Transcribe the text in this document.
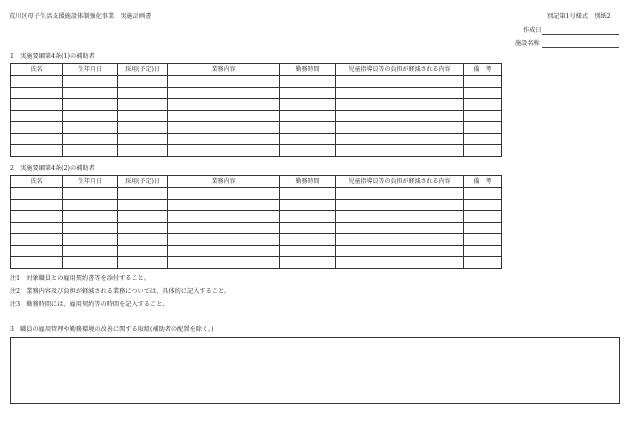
荒川区母子生活支援施設体制強化事業　実施計画書	別記第1号様式　別紙2
作成日
施設名称
1　実施要綱第4条(1)の補助者
氏名	生年月日	採用(予定)日	業務内容	勤務時間	児童指導員等の負担が軽減される内容	備　考

2　実施要綱第4条(2)の補助者
氏名	生年月日	採用(予定)日	業務内容	勤務時間	児童指導員等の負担が軽減される内容	備　考

注1　対象職員との雇用契約書等を添付すること。
注2　業務内容及び負担が軽減される業務については、具体的に記入すること。
注3　勤務時間には、雇用契約等の時間を記入すること。
3　職員の雇用管理や勤務環境の改善に関する取組(補助者の配置を除く。)
